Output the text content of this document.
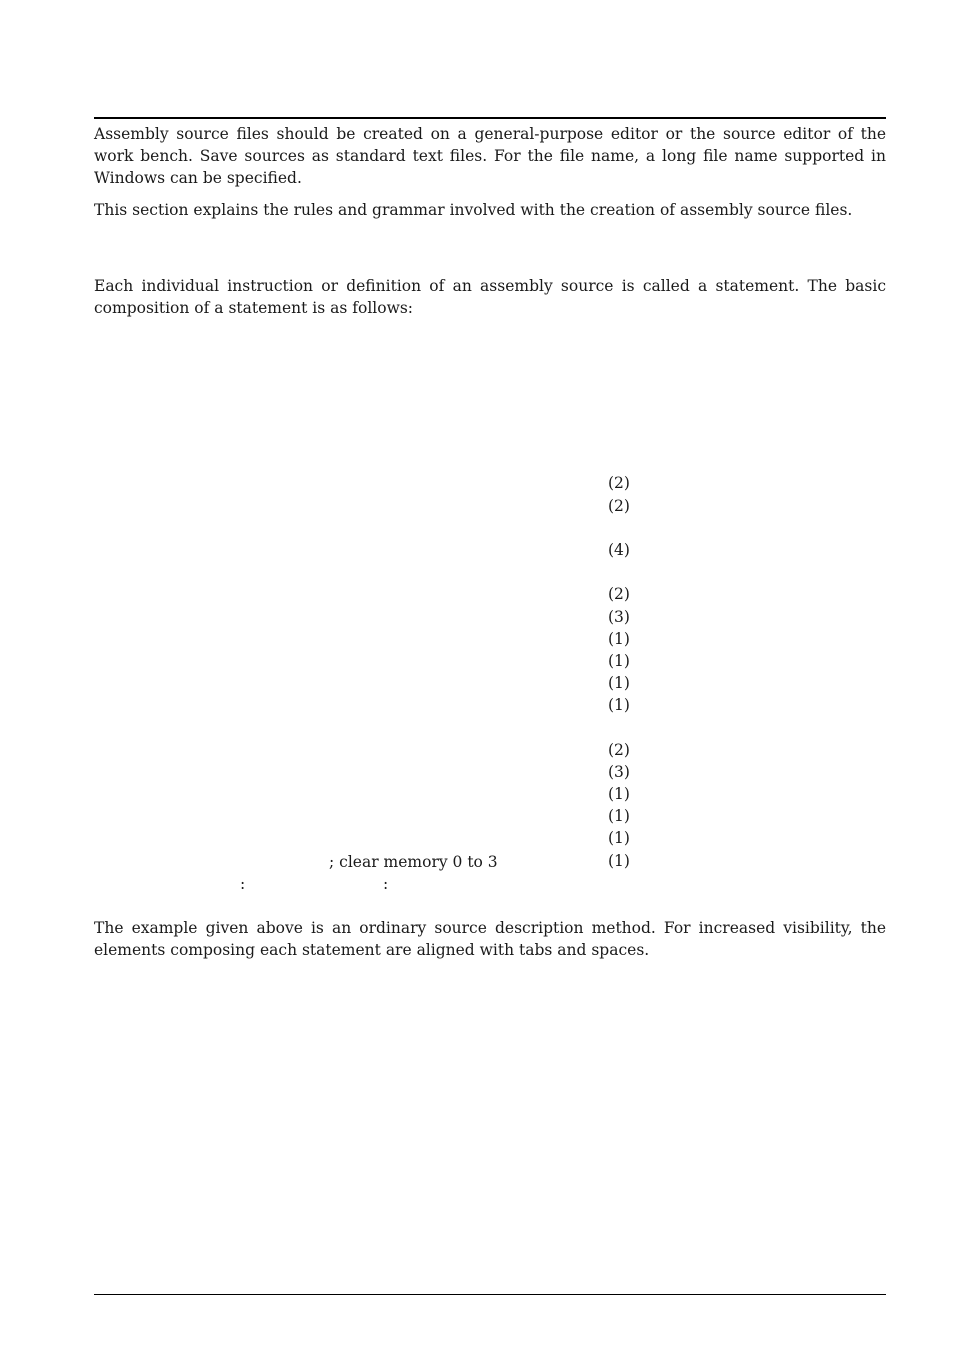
Assembly source files should be created on a general-purpose editor or the source editor of the work bench. Save sources as standard text files. For the file name, a long file name supported in Windows can be specified.

This section explains the rules and grammar involved with the creation of assembly source files.

Each individual instruction or definition of an assembly source is called a statement. The basic composition of a statement is as follows:

(2)

(2)

(4)

(2)

(3)

(1)

(1)

(1)

(1)

(2)

(3)

(1)

(1)

(1)

(1)

; clear memory 0 to 3

:	:

The example given above is an ordinary source description method. For increased visibility, the elements composing each statement are aligned with tabs and spaces.
